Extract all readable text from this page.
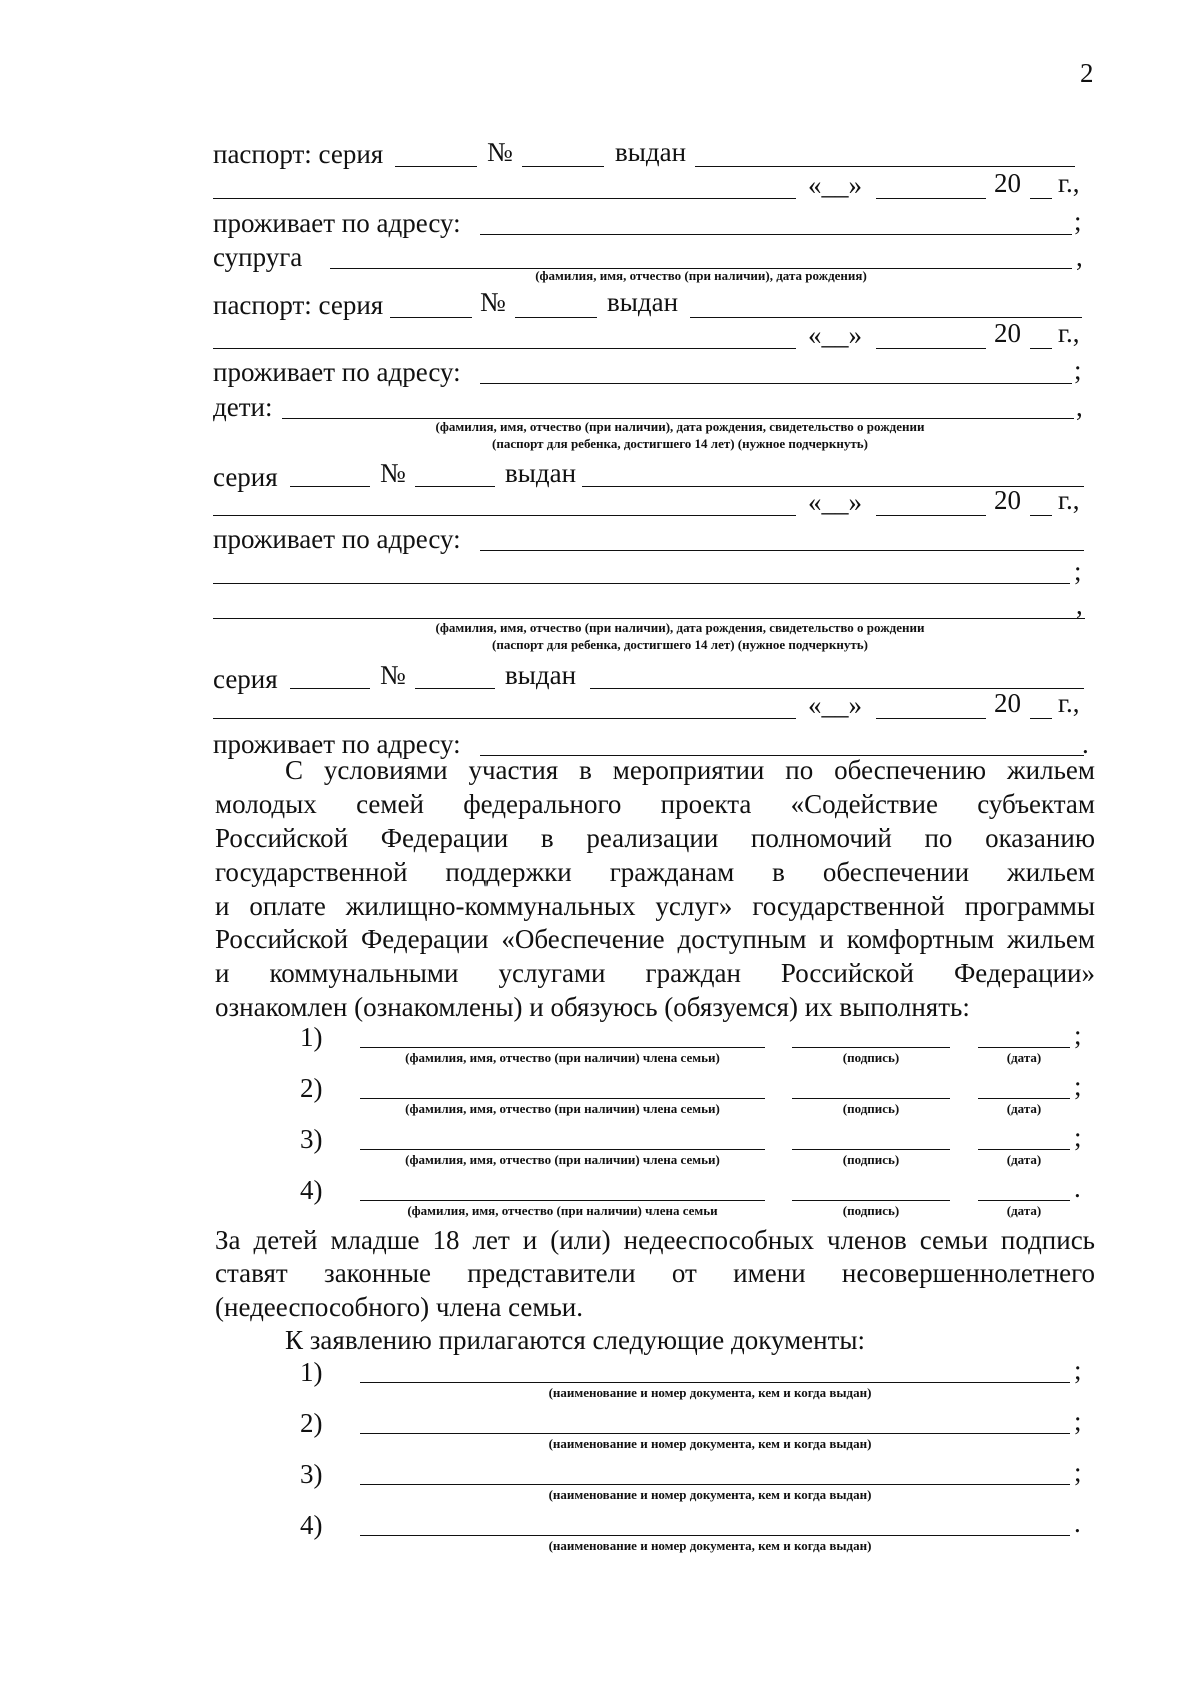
2
паспорт: серия	№	выдан
«__»	20 г.,
проживает по адресу:	;
супруга	,
(фамилия, имя, отчество (при наличии), дата рождения)
паспорт: серия	№	выдан
«__»	20 г.,
проживает по адресу:	;
дети:	,
(фамилия, имя, отчество (при наличии), дата рождения, свидетельство о рождении
(паспорт для ребенка, достигшего 14 лет) (нужное подчеркнуть)
серия	№	выдан
«__»	20 г.,
проживает по адресу:
;
,
(фамилия, имя, отчество (при наличии), дата рождения, свидетельство о рождении
(паспорт для ребенка, достигшего 14 лет) (нужное подчеркнуть)
серия	№	выдан
«__»	20 г.,
проживает по адресу:	.
С условиями участия в мероприятии по обеспечению жильем
молодых семей федерального проекта «Содействие субъектам
Российской Федерации в реализации полномочий по оказанию
государственной поддержки гражданам в обеспечении жильем
и оплате жилищно-коммунальных услуг» государственной программы
Российской Федерации «Обеспечение доступным и комфортным жильем
и коммунальными услугами граждан Российской Федерации»
ознакомлен (ознакомлены) и обязуюсь (обязуемся) их выполнять:
1)	;
(фамилия, имя, отчество (при наличии) члена семьи)	(подпись)	(дата)
2)	;
(фамилия, имя, отчество (при наличии) члена семьи)	(подпись)	(дата)
3)	;
(фамилия, имя, отчество (при наличии) члена семьи)	(подпись)	(дата)
4)	.
(фамилия, имя, отчество (при наличии) члена семьи	(подпись)	(дата)
За детей младше 18 лет и (или) недееспособных членов семьи подпись
ставят законные представители от имени несовершеннолетнего
(недееспособного) члена семьи.
К заявлению прилагаются следующие документы:
1)	;
(наименование и номер документа, кем и когда выдан)
2)	;
(наименование и номер документа, кем и когда выдан)
3)	;
(наименование и номер документа, кем и когда выдан)
4)	.
(наименование и номер документа, кем и когда выдан)
